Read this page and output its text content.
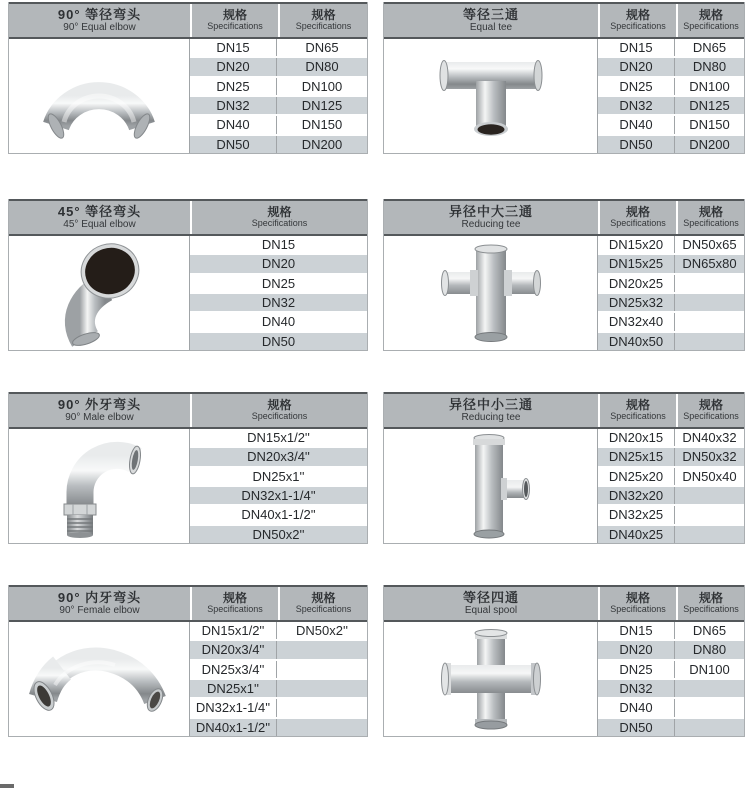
90° 等径弯头
90° Equal elbow
规格
Specifications
规格
Specifications
DN15	DN65
DN20	DN80
DN25	DN100
DN32	DN125
DN40	DN150
DN50	DN200
等径三通
Equal tee
规格
Specifications
规格
Specifications
DN15	DN65
DN20	DN80
DN25	DN100
DN32	DN125
DN40	DN150
DN50	DN200
45° 等径弯头
45° Equal elbow
规格
Specifications
DN15
DN20
DN25
DN32
DN40
DN50
异径中大三通
Reducing tee
规格
Specifications
规格
Specifications
DN15x20	DN50x65
DN15x25	DN65x80
DN20x25
DN25x32
DN32x40
DN40x50
90° 外牙弯头
90° Male elbow
规格
Specifications
DN15x1/2''
DN20x3/4''
DN25x1''
DN32x1-1/4''
DN40x1-1/2''
DN50x2''
异径中小三通
Reducing tee
规格
Specifications
规格
Specifications
DN20x15	DN40x32
DN25x15	DN50x32
DN25x20	DN50x40
DN32x20
DN32x25
DN40x25
90° 内牙弯头
90° Female elbow
规格
Specifications
规格
Specifications
DN15x1/2''	DN50x2''
DN20x3/4''
DN25x3/4''
DN25x1''
DN32x1-1/4''
DN40x1-1/2''
等径四通
Equal spool
规格
Specifications
规格
Specifications
DN15	DN65
DN20	DN80
DN25	DN100
DN32
DN40
DN50
